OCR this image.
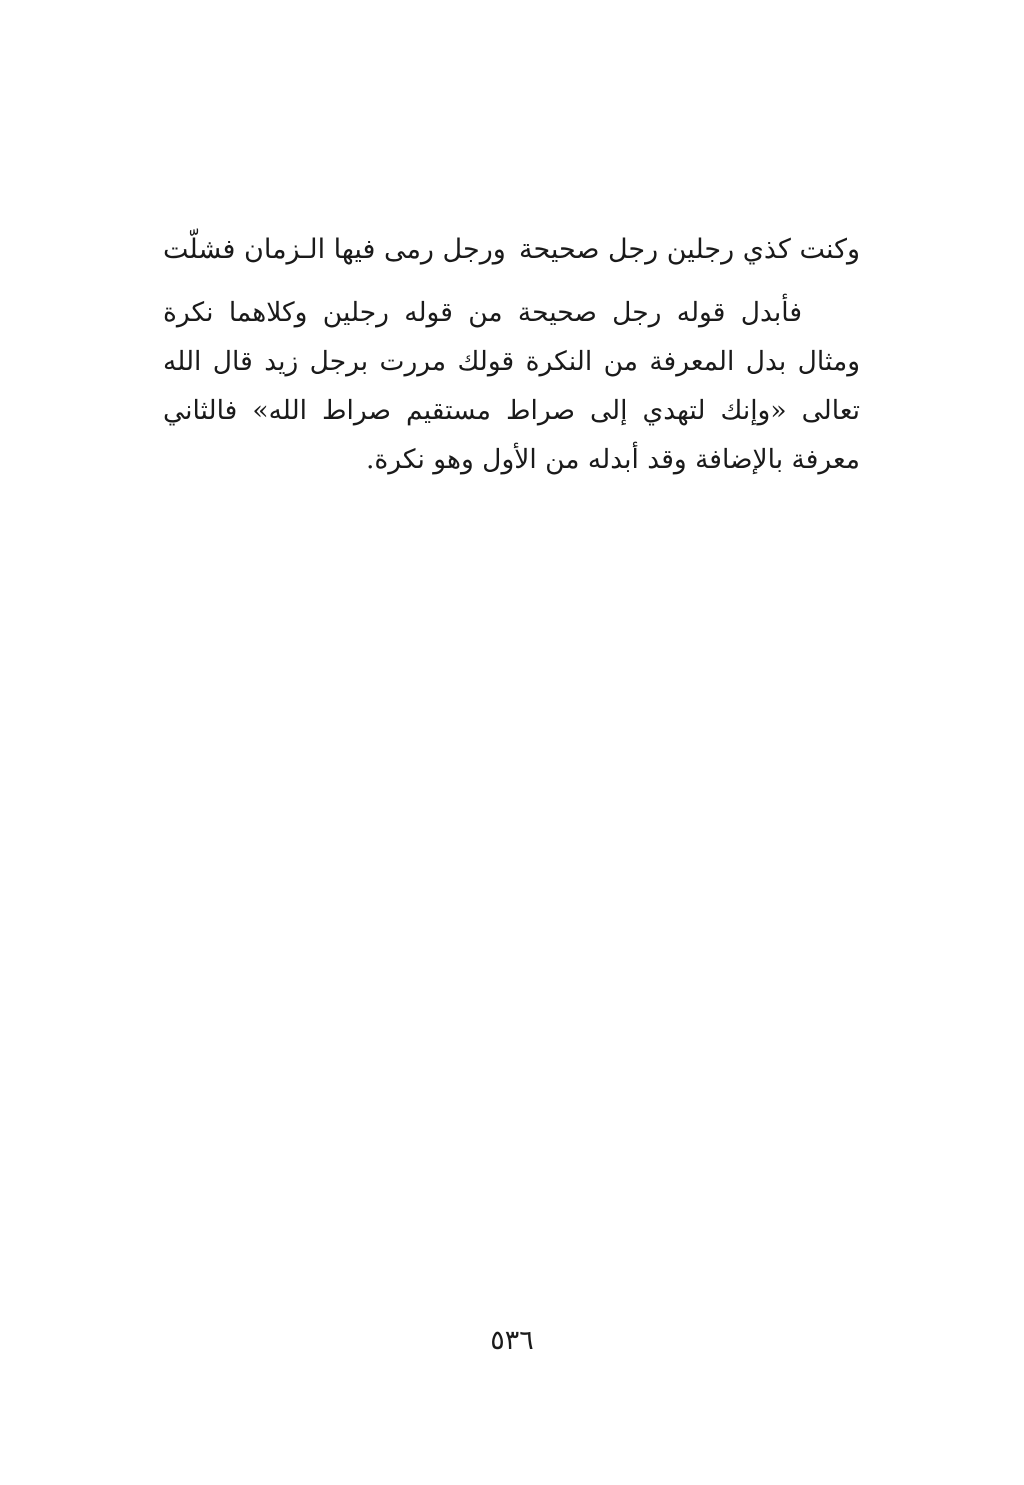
وكنت كذي رجلين رجل صحيحة
ورجل رمى فيها الـزمان فشلّت
فأبدل قوله رجل صحيحة من قوله رجلين وكلاهما نكرة ومثال بدل المعرفة من النكرة قولك مررت برجل زيد قال الله تعالى «وإنك لتهدي إلى صراط مستقيم صراط الله» فالثاني معرفة بالإضافة وقد أبدله من الأول وهو نكرة.
٥٣٦
